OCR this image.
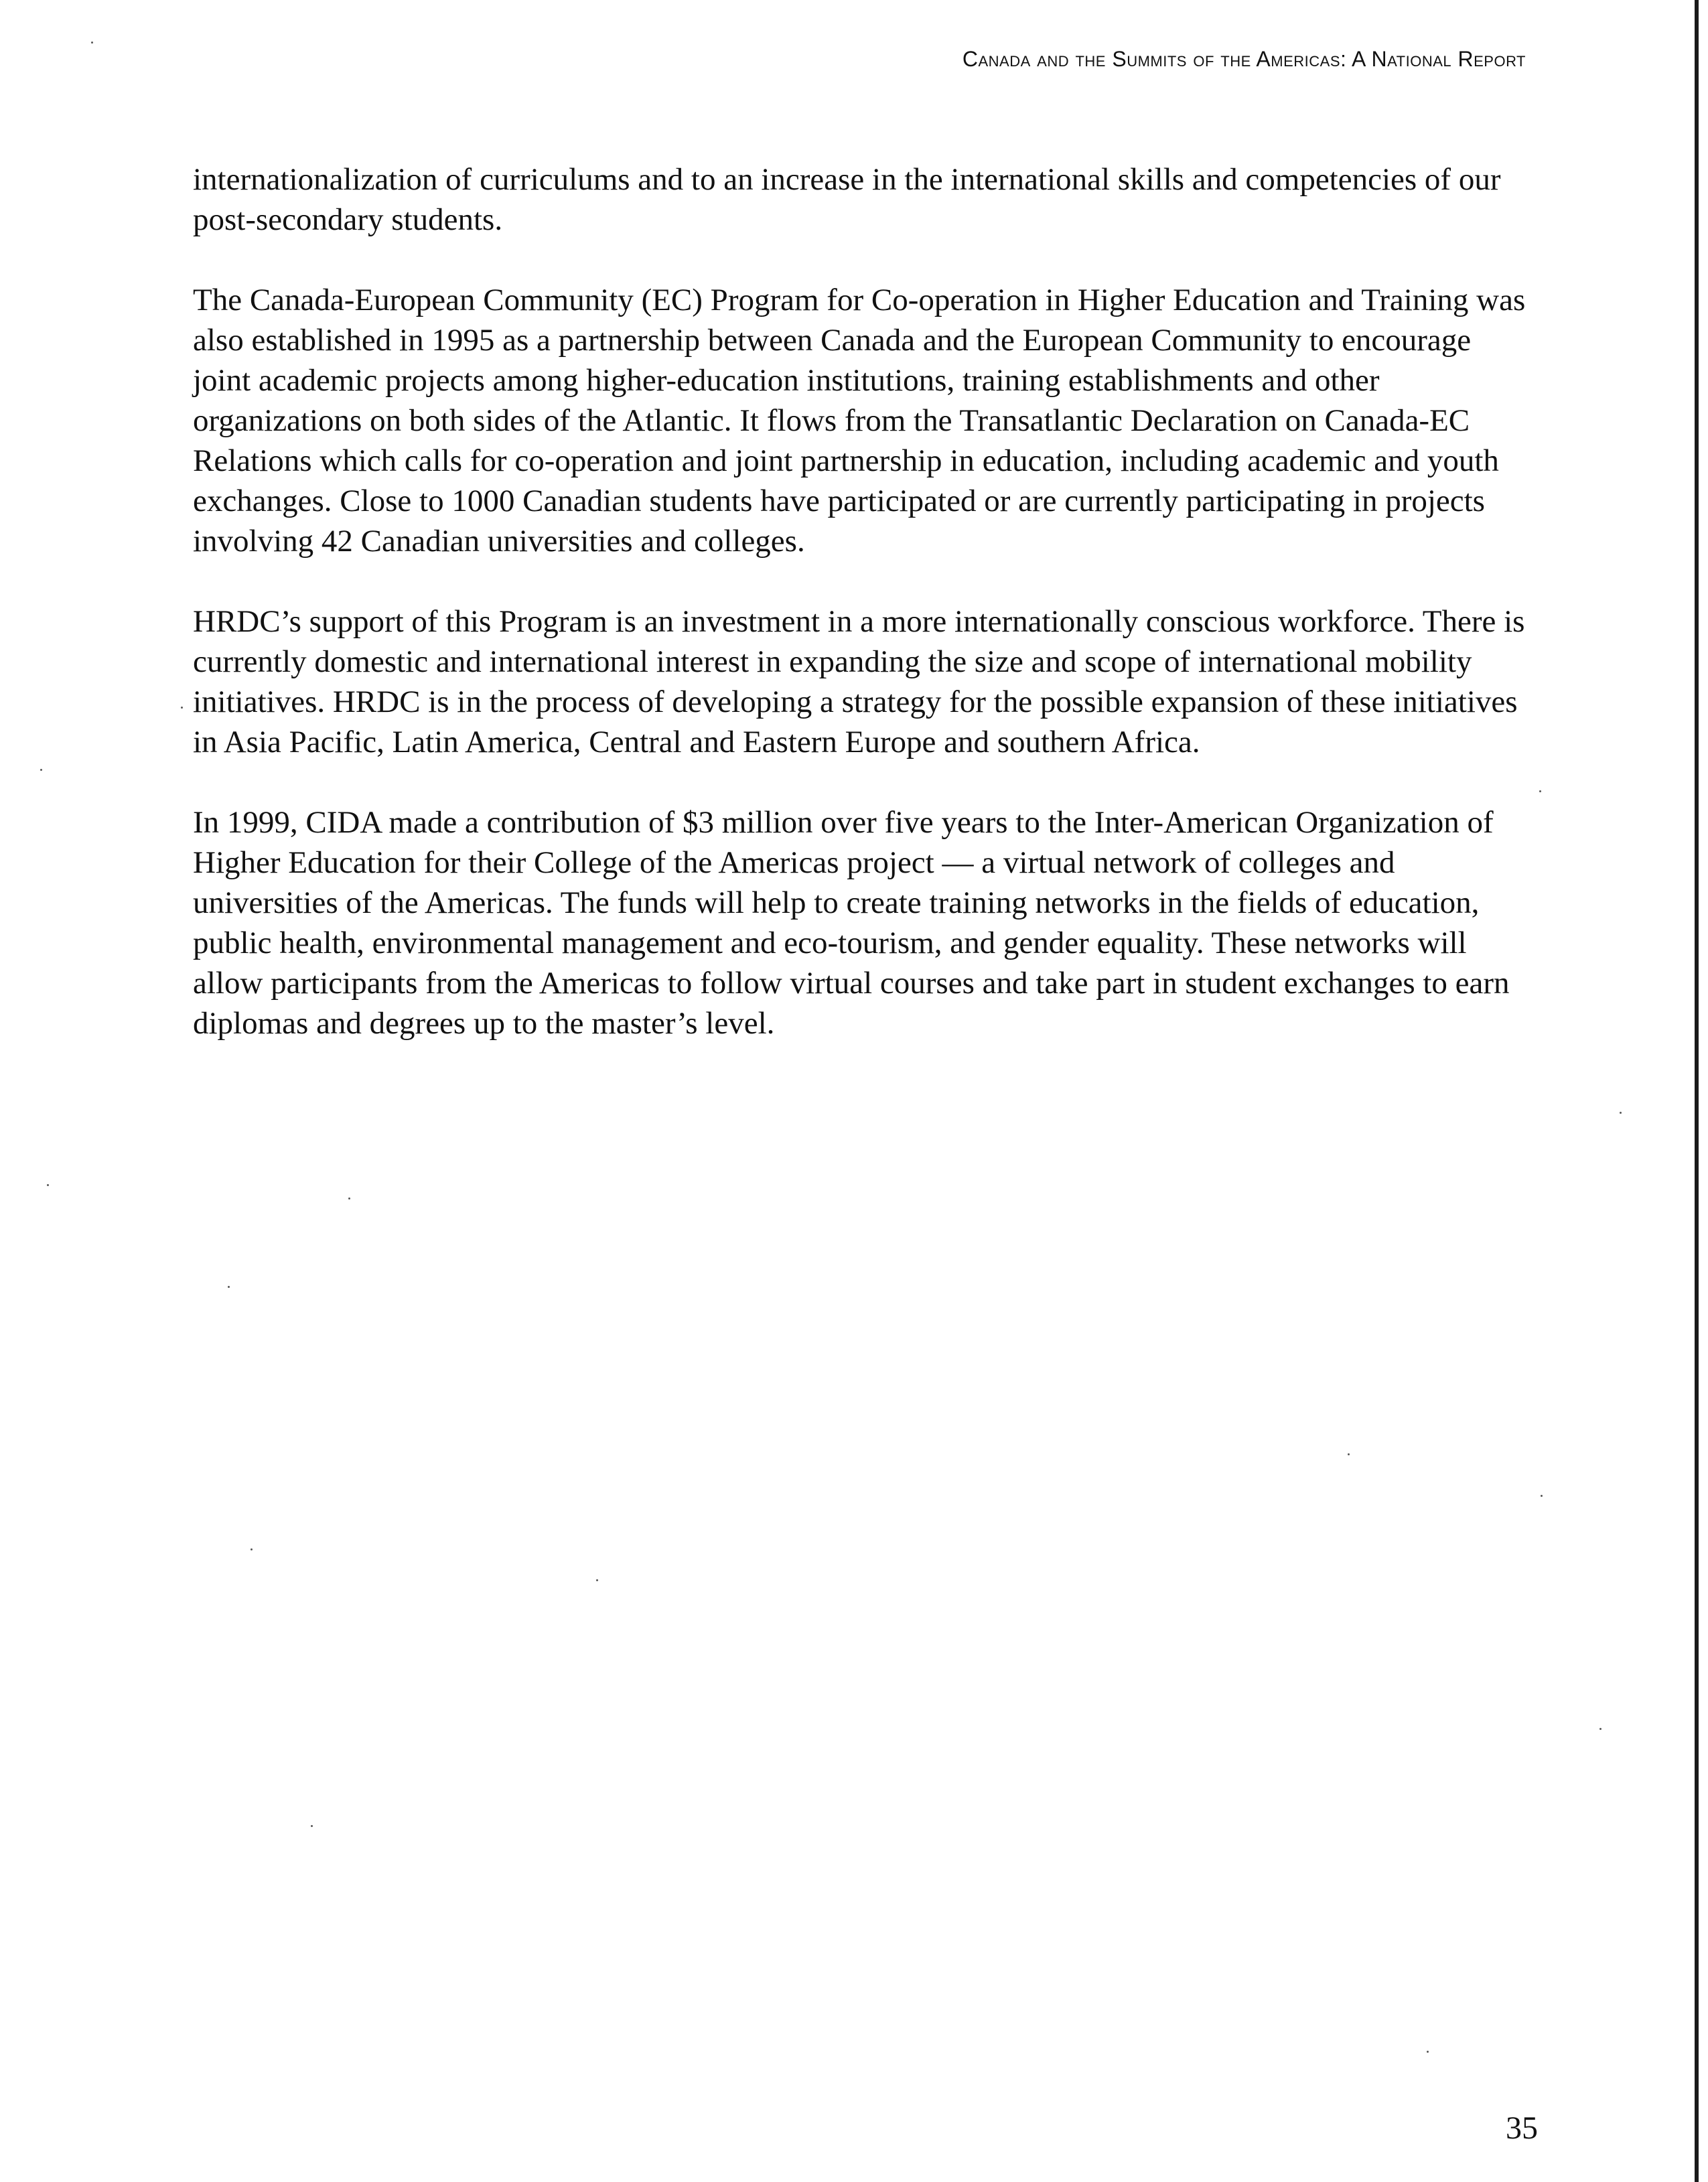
Canada and the Summits of the Americas: A National Report

internationalization of curriculums and to an increase in the international skills and competencies of our post-secondary students.

The Canada-European Community (EC) Program for Co-operation in Higher Education and Training was also established in 1995 as a partnership between Canada and the European Community to encourage joint academic projects among higher-education institutions, training establishments and other organizations on both sides of the Atlantic. It flows from the Transatlantic Declaration on Canada-EC Relations which calls for co-operation and joint partnership in education, including academic and youth exchanges. Close to 1000 Canadian students have participated or are currently participating in projects involving 42 Canadian universities and colleges.

HRDC’s support of this Program is an investment in a more internationally conscious workforce. There is currently domestic and international interest in expanding the size and scope of international mobility initiatives. HRDC is in the process of developing a strategy for the possible expansion of these initiatives in Asia Pacific, Latin America, Central and Eastern Europe and southern Africa.

In 1999, CIDA made a contribution of $3 million over five years to the Inter-American Organization of Higher Education for their College of the Americas project — a virtual network of colleges and universities of the Americas. The funds will help to create training networks in the fields of education, public health, environmental management and eco-tourism, and gender equality. These networks will allow participants from the Americas to follow virtual courses and take part in student exchanges to earn diplomas and degrees up to the master’s level.

35
